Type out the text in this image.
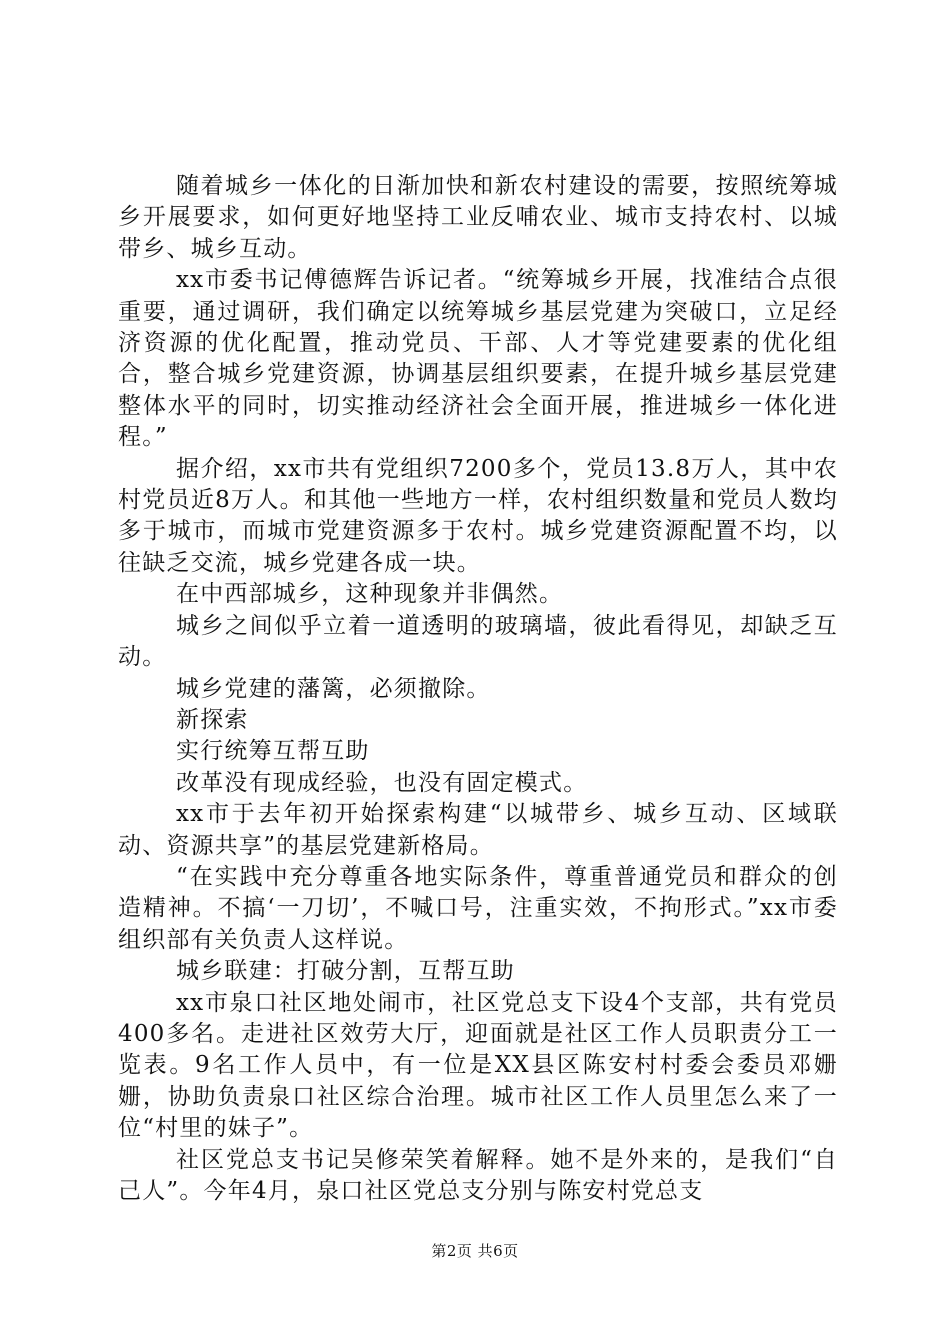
随着城乡一体化的日渐加快和新农村建设的需要，按照统筹城乡开展要求，如何更好地坚持工业反哺农业、城市支持农村、以城带乡、城乡互动。

xx市委书记傅德辉告诉记者。“统筹城乡开展，找准结合点很重要，通过调研，我们确定以统筹城乡基层党建为突破口，立足经济资源的优化配置，推动党员、干部、人才等党建要素的优化组合，整合城乡党建资源，协调基层组织要素，在提升城乡基层党建整体水平的同时，切实推动经济社会全面开展，推进城乡一体化进程。”

据介绍，xx市共有党组织7200多个，党员13.8万人，其中农村党员近8万人。和其他一些地方一样，农村组织数量和党员人数均多于城市，而城市党建资源多于农村。城乡党建资源配置不均，以往缺乏交流，城乡党建各成一块。

在中西部城乡，这种现象并非偶然。

城乡之间似乎立着一道透明的玻璃墙，彼此看得见，却缺乏互动。

城乡党建的藩篱，必须撤除。

新探索

实行统筹互帮互助

改革没有现成经验，也没有固定模式。

xx市于去年初开始探索构建“以城带乡、城乡互动、区域联动、资源共享”的基层党建新格局。

“在实践中充分尊重各地实际条件，尊重普通党员和群众的创造精神。不搞‘一刀切’，不喊口号，注重实效，不拘形式。”xx市委组织部有关负责人这样说。

城乡联建：打破分割，互帮互助

xx市泉口社区地处闹市，社区党总支下设4个支部，共有党员400多名。走进社区效劳大厅，迎面就是社区工作人员职责分工一览表。9名工作人员中，有一位是XX县区陈安村村委会委员邓姗姗，协助负责泉口社区综合治理。城市社区工作人员里怎么来了一位“村里的妹子”。

社区党总支书记吴修荣笑着解释。她不是外来的，是我们“自己人”。今年4月，泉口社区党总支分别与陈安村党总支

第2页 共6页
